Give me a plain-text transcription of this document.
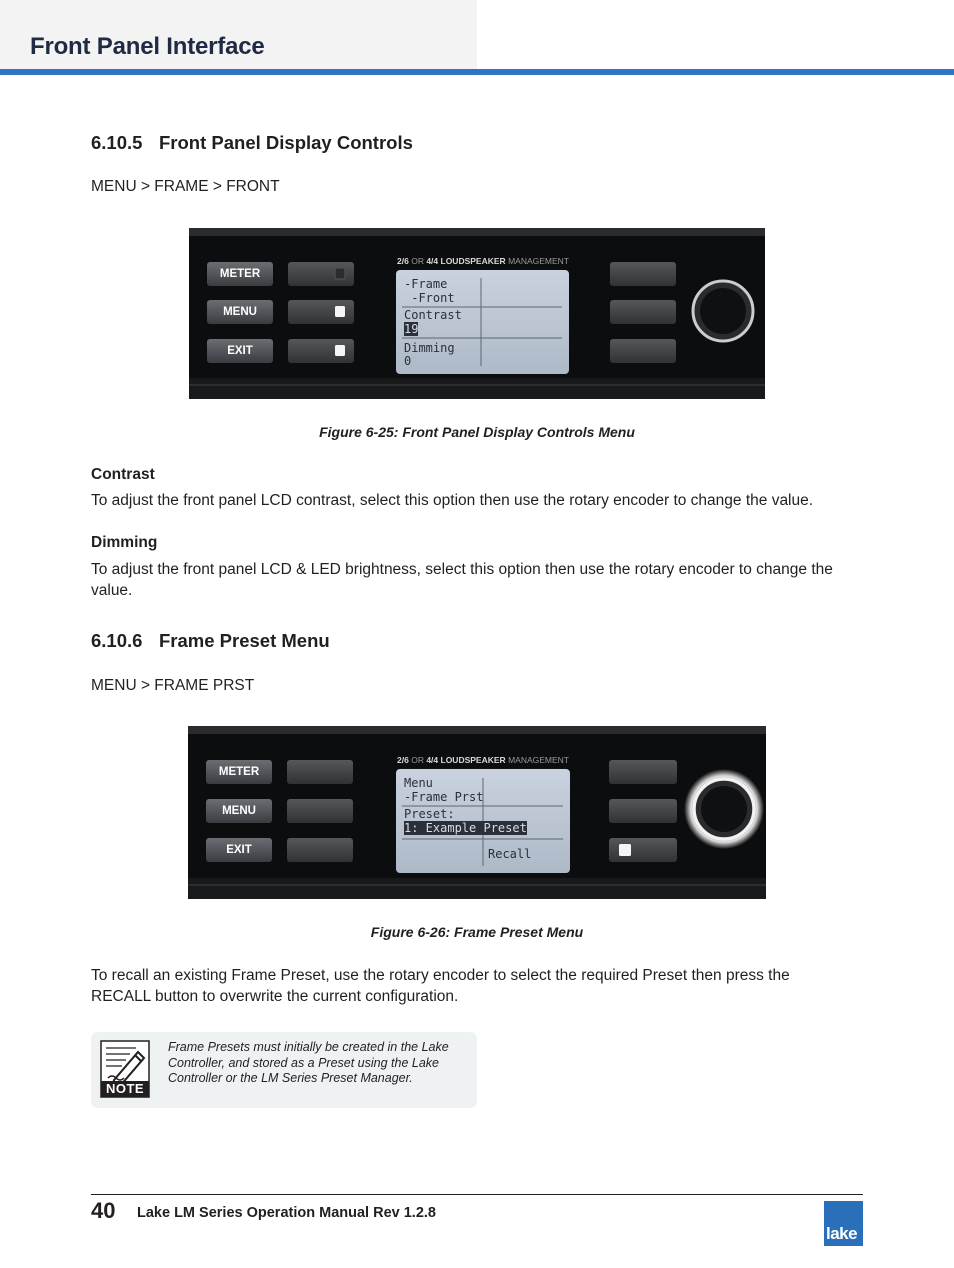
Front Panel Interface
6.10.5 Front Panel Display Controls
MENU > FRAME > FRONT
2/6 OR 4/4 LOUDSPEAKER MANAGEMENT
METER
MENU
EXIT
-Frame
-Front
Contrast
19
Dimming
0
Figure 6-25: Front Panel Display Controls Menu
Contrast
To adjust the front panel LCD contrast, select this option then use the rotary encoder to change the value.
Dimming
To adjust the front panel LCD & LED brightness, select this option then use the rotary encoder to change the value.
6.10.6 Frame Preset Menu
MENU > FRAME PRST
2/6 OR 4/4 LOUDSPEAKER MANAGEMENT
METER
MENU
EXIT
Menu
-Frame Prst
Preset:
1: Example Preset
Recall
Figure 6-26: Frame Preset Menu
To recall an existing Frame Preset, use the rotary encoder to select the required Preset then press the RECALL button to overwrite the current configuration.
NOTE
Frame Presets must initially be created in the Lake Controller, and stored as a Preset using the Lake Controller or the LM Series Preset Manager.
40 Lake LM Series Operation Manual Rev 1.2.8
lake
